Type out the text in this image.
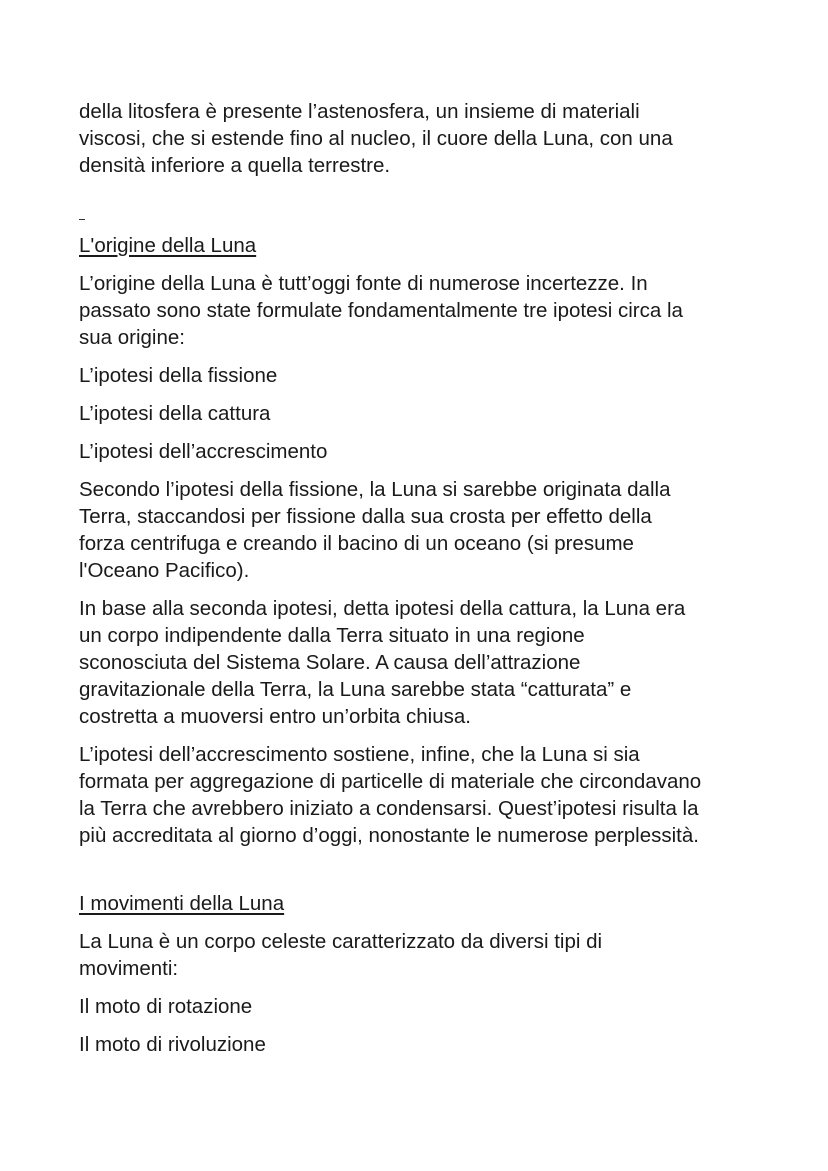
della litosfera è presente l’astenosfera, un insieme di materiali
viscosi, che si estende fino al nucleo, il cuore della Luna, con una
densità inferiore a quella terrestre.

L'origine della Luna

L’origine della Luna è tutt’oggi fonte di numerose incertezze. In
passato sono state formulate fondamentalmente tre ipotesi circa la
sua origine:

L’ipotesi della fissione

L’ipotesi della cattura

L’ipotesi dell’accrescimento

Secondo l’ipotesi della fissione, la Luna si sarebbe originata dalla
Terra, staccandosi per fissione dalla sua crosta per effetto della
forza centrifuga e creando il bacino di un oceano (si presume
l'Oceano Pacifico).

In base alla seconda ipotesi, detta ipotesi della cattura, la Luna era
un corpo indipendente dalla Terra situato in una regione
sconosciuta del Sistema Solare. A causa dell’attrazione
gravitazionale della Terra, la Luna sarebbe stata “catturata” e
costretta a muoversi entro un’orbita chiusa.

L’ipotesi dell’accrescimento sostiene, infine, che la Luna si sia
formata per aggregazione di particelle di materiale che circondavano
la Terra che avrebbero iniziato a condensarsi. Quest’ipotesi risulta la
più accreditata al giorno d’oggi, nonostante le numerose perplessità.

I movimenti della Luna

La Luna è un corpo celeste caratterizzato da diversi tipi di
movimenti:

Il moto di rotazione

Il moto di rivoluzione
